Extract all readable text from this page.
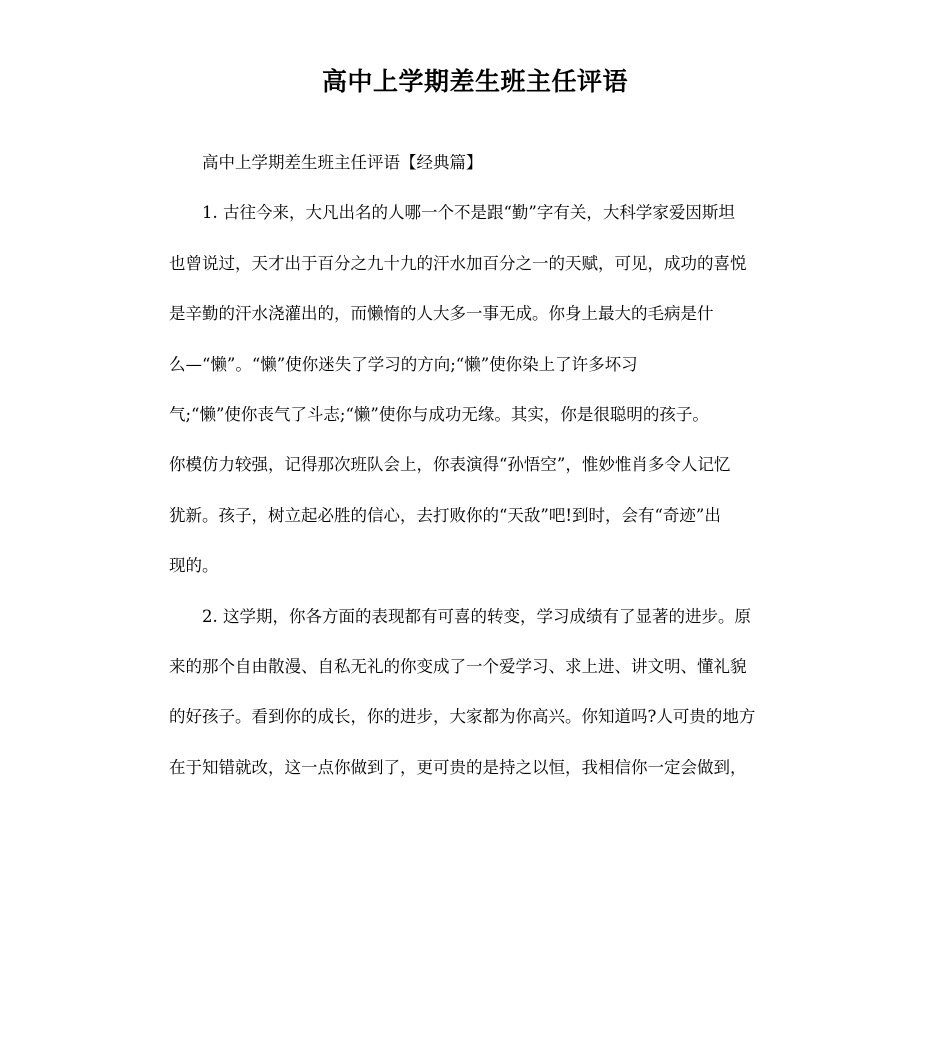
高中上学期差生班主任评语

高中上学期差生班主任评语【经典篇】

1. 古往今来，大凡出名的人哪一个不是跟“勤”字有关，大科学家爱因斯坦
也曾说过，天才出于百分之九十九的汗水加百分之一的天赋，可见，成功的喜悦
是辛勤的汗水浇灌出的，而懒惰的人大多一事无成。你身上最大的毛病是什
么—“懒”。“懒”使你迷失了学习的方向;“懒”使你染上了许多坏习
气;“懒”使你丧气了斗志;“懒”使你与成功无缘。其实，你是很聪明的孩子。
你模仿力较强，记得那次班队会上，你表演得“孙悟空”，惟妙惟肖多令人记忆
犹新。孩子，树立起必胜的信心，去打败你的“天敌”吧!到时，会有“奇迹”出
现的。

2. 这学期，你各方面的表现都有可喜的转变，学习成绩有了显著的进步。原
来的那个自由散漫、自私无礼的你变成了一个爱学习、求上进、讲文明、懂礼貌
的好孩子。看到你的成长，你的进步，大家都为你高兴。你知道吗?人可贵的地方
在于知错就改，这一点你做到了，更可贵的是持之以恒，我相信你一定会做到，
